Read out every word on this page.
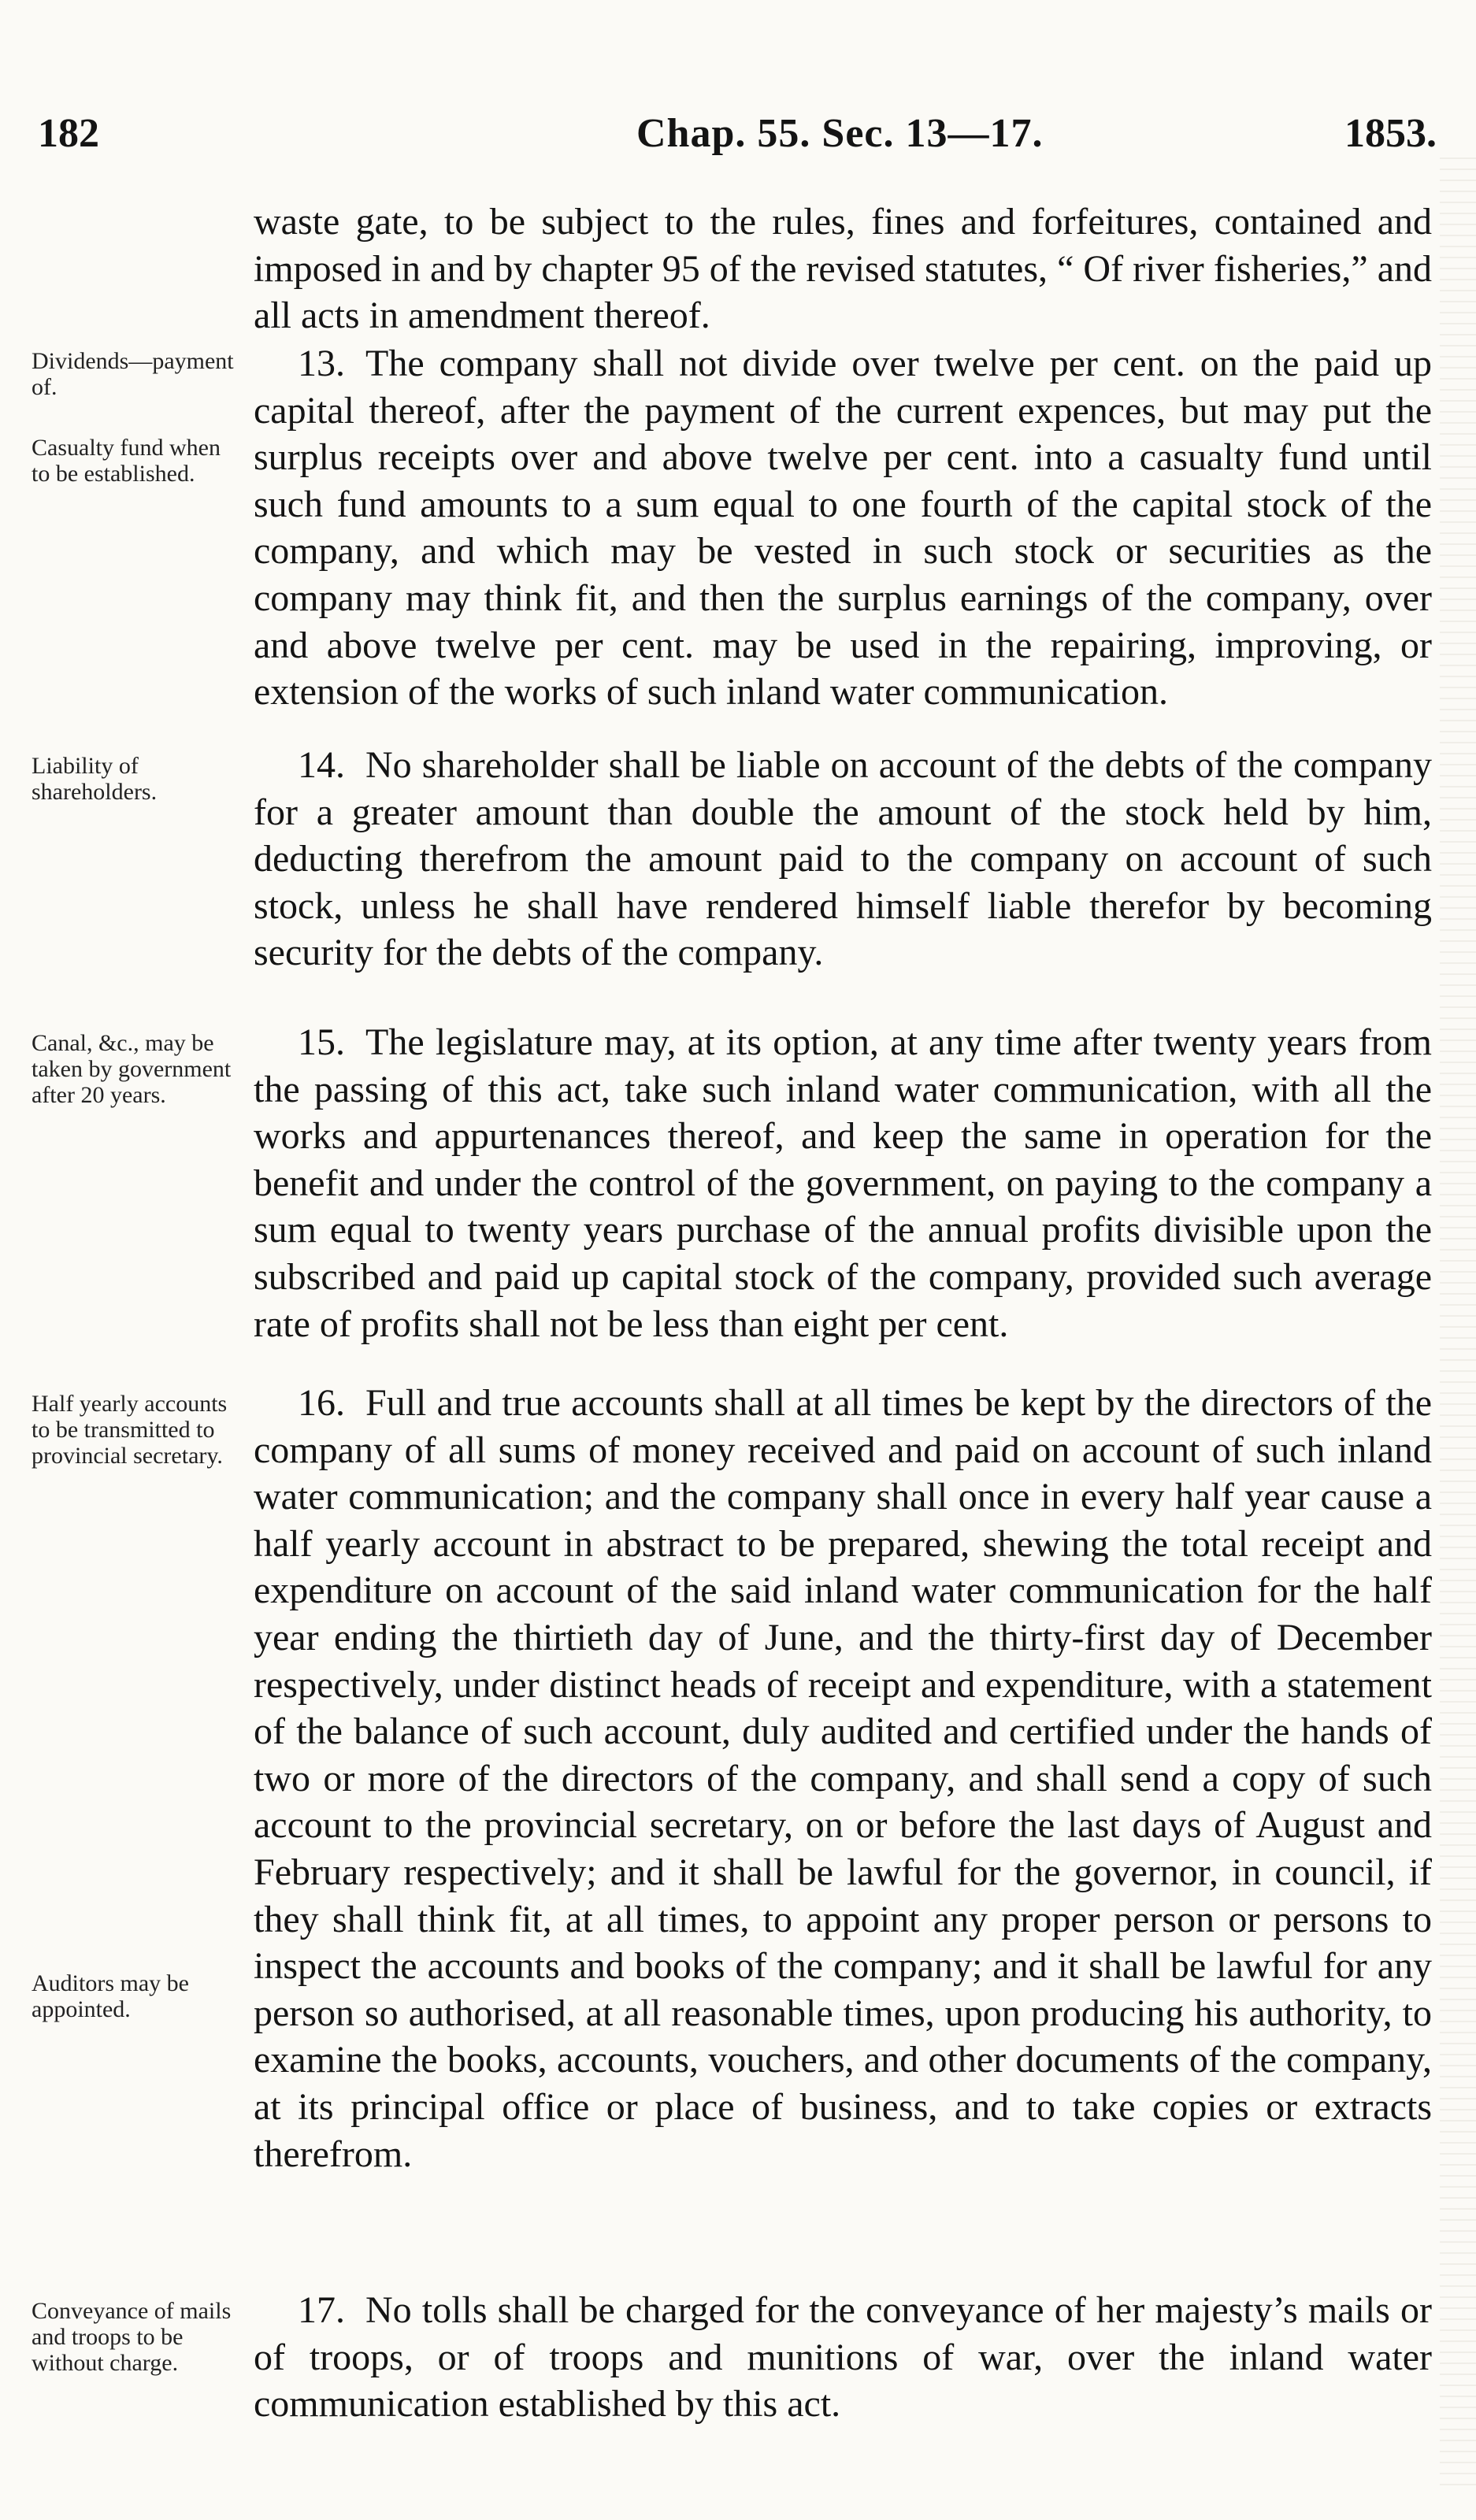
182	Chap. 55. Sec. 13—17.	1853.

waste gate, to be subject to the rules, fines and forfeitures, contained and imposed in and by chapter 95 of the revised statutes, “ Of river fisheries,” and all acts in amendment thereof.

Dividends—payment of.

Casualty fund when to be established.

13. The company shall not divide over twelve per cent. on the paid up capital thereof, after the payment of the current expences, but may put the surplus receipts over and above twelve per cent. into a casualty fund until such fund amounts to a sum equal to one fourth of the capital stock of the company, and which may be vested in such stock or securities as the company may think fit, and then the surplus earnings of the company, over and above twelve per cent. may be used in the repairing, improving, or extension of the works of such inland water communication.

Liability of shareholders.

14. No shareholder shall be liable on account of the debts of the company for a greater amount than double the amount of the stock held by him, deducting therefrom the amount paid to the company on account of such stock, unless he shall have rendered himself liable therefor by becoming security for the debts of the company.

Canal, &c., may be taken by government after 20 years.

15. The legislature may, at its option, at any time after twenty years from the passing of this act, take such inland water communication, with all the works and appurtenances thereof, and keep the same in operation for the benefit and under the control of the government, on paying to the company a sum equal to twenty years purchase of the annual profits divisible upon the subscribed and paid up capital stock of the company, provided such average rate of profits shall not be less than eight per cent.

Half yearly accounts to be transmitted to provincial secretary.

Auditors may be appointed.

16. Full and true accounts shall at all times be kept by the directors of the company of all sums of money received and paid on account of such inland water communication; and the company shall once in every half year cause a half yearly account in abstract to be prepared, shewing the total receipt and expenditure on account of the said inland water communication for the half year ending the thirtieth day of June, and the thirty-first day of December respectively, under distinct heads of receipt and expenditure, with a statement of the balance of such account, duly audited and certified under the hands of two or more of the directors of the company, and shall send a copy of such account to the provincial secretary, on or before the last days of August and February respectively; and it shall be lawful for the governor, in council, if they shall think fit, at all times, to appoint any proper person or persons to inspect the accounts and books of the company; and it shall be lawful for any person so authorised, at all reasonable times, upon producing his authority, to examine the books, accounts, vouchers, and other documents of the company, at its principal office or place of business, and to take copies or extracts therefrom.

Conveyance of mails and troops to be without charge.

17. No tolls shall be charged for the conveyance of her majesty’s mails or of troops, or of troops and munitions of war, over the inland water communication established by this act.
